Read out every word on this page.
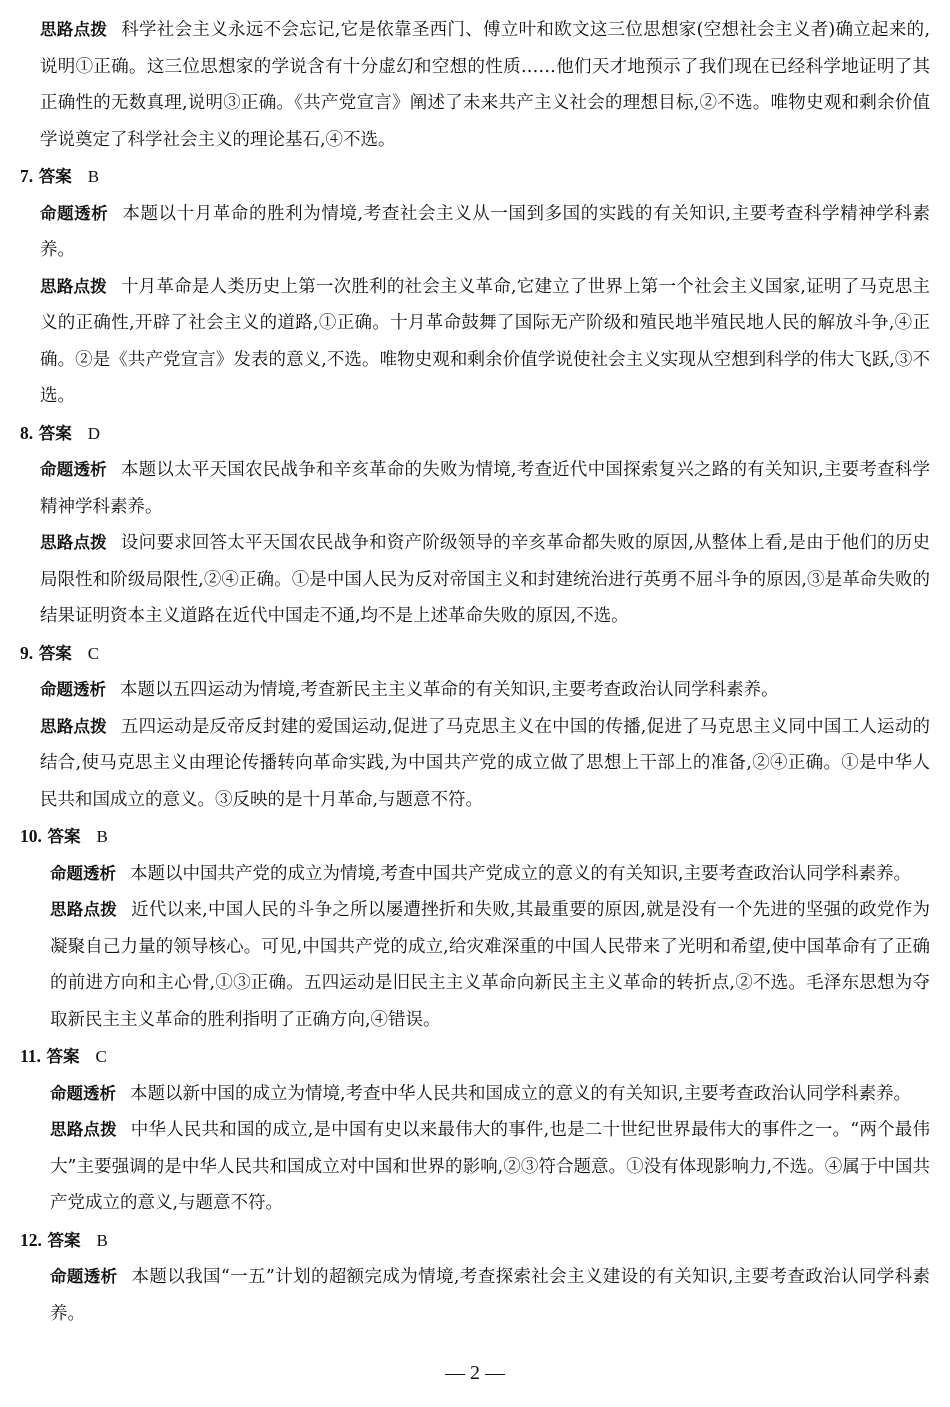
思路点拨 科学社会主义永远不会忘记,它是依靠圣西门、傅立叶和欧文这三位思想家(空想社会主义者)确立起来的,说明①正确。这三位思想家的学说含有十分虚幻和空想的性质……他们天才地预示了我们现在已经科学地证明了其正确性的无数真理,说明③正确。《共产党宣言》阐述了未来共产主义社会的理想目标,②不选。唯物史观和剩余价值学说奠定了科学社会主义的理论基石,④不选。

7. 答案 B

命题透析 本题以十月革命的胜利为情境,考查社会主义从一国到多国的实践的有关知识,主要考查科学精神学科素养。

思路点拨 十月革命是人类历史上第一次胜利的社会主义革命,它建立了世界上第一个社会主义国家,证明了马克思主义的正确性,开辟了社会主义的道路,①正确。十月革命鼓舞了国际无产阶级和殖民地半殖民地人民的解放斗争,④正确。②是《共产党宣言》发表的意义,不选。唯物史观和剩余价值学说使社会主义实现从空想到科学的伟大飞跃,③不选。

8. 答案 D

命题透析 本题以太平天国农民战争和辛亥革命的失败为情境,考查近代中国探索复兴之路的有关知识,主要考查科学精神学科素养。

思路点拨 设问要求回答太平天国农民战争和资产阶级领导的辛亥革命都失败的原因,从整体上看,是由于他们的历史局限性和阶级局限性,②④正确。①是中国人民为反对帝国主义和封建统治进行英勇不屈斗争的原因,③是革命失败的结果证明资本主义道路在近代中国走不通,均不是上述革命失败的原因,不选。

9. 答案 C

命题透析 本题以五四运动为情境,考查新民主主义革命的有关知识,主要考查政治认同学科素养。

思路点拨 五四运动是反帝反封建的爱国运动,促进了马克思主义在中国的传播,促进了马克思主义同中国工人运动的结合,使马克思主义由理论传播转向革命实践,为中国共产党的成立做了思想上干部上的准备,②④正确。①是中华人民共和国成立的意义。③反映的是十月革命,与题意不符。

10. 答案 B

命题透析 本题以中国共产党的成立为情境,考查中国共产党成立的意义的有关知识,主要考查政治认同学科素养。

思路点拨 近代以来,中国人民的斗争之所以屡遭挫折和失败,其最重要的原因,就是没有一个先进的坚强的政党作为凝聚自己力量的领导核心。可见,中国共产党的成立,给灾难深重的中国人民带来了光明和希望,使中国革命有了正确的前进方向和主心骨,①③正确。五四运动是旧民主主义革命向新民主主义革命的转折点,②不选。毛泽东思想为夺取新民主主义革命的胜利指明了正确方向,④错误。

11. 答案 C

命题透析 本题以新中国的成立为情境,考查中华人民共和国成立的意义的有关知识,主要考查政治认同学科素养。

思路点拨 中华人民共和国的成立,是中国有史以来最伟大的事件,也是二十世纪世界最伟大的事件之一。“两个最伟大”主要强调的是中华人民共和国成立对中国和世界的影响,②③符合题意。①没有体现影响力,不选。④属于中国共产党成立的意义,与题意不符。

12. 答案 B

命题透析 本题以我国“一五”计划的超额完成为情境,考查探索社会主义建设的有关知识,主要考查政治认同学科素养。

— 2 —
